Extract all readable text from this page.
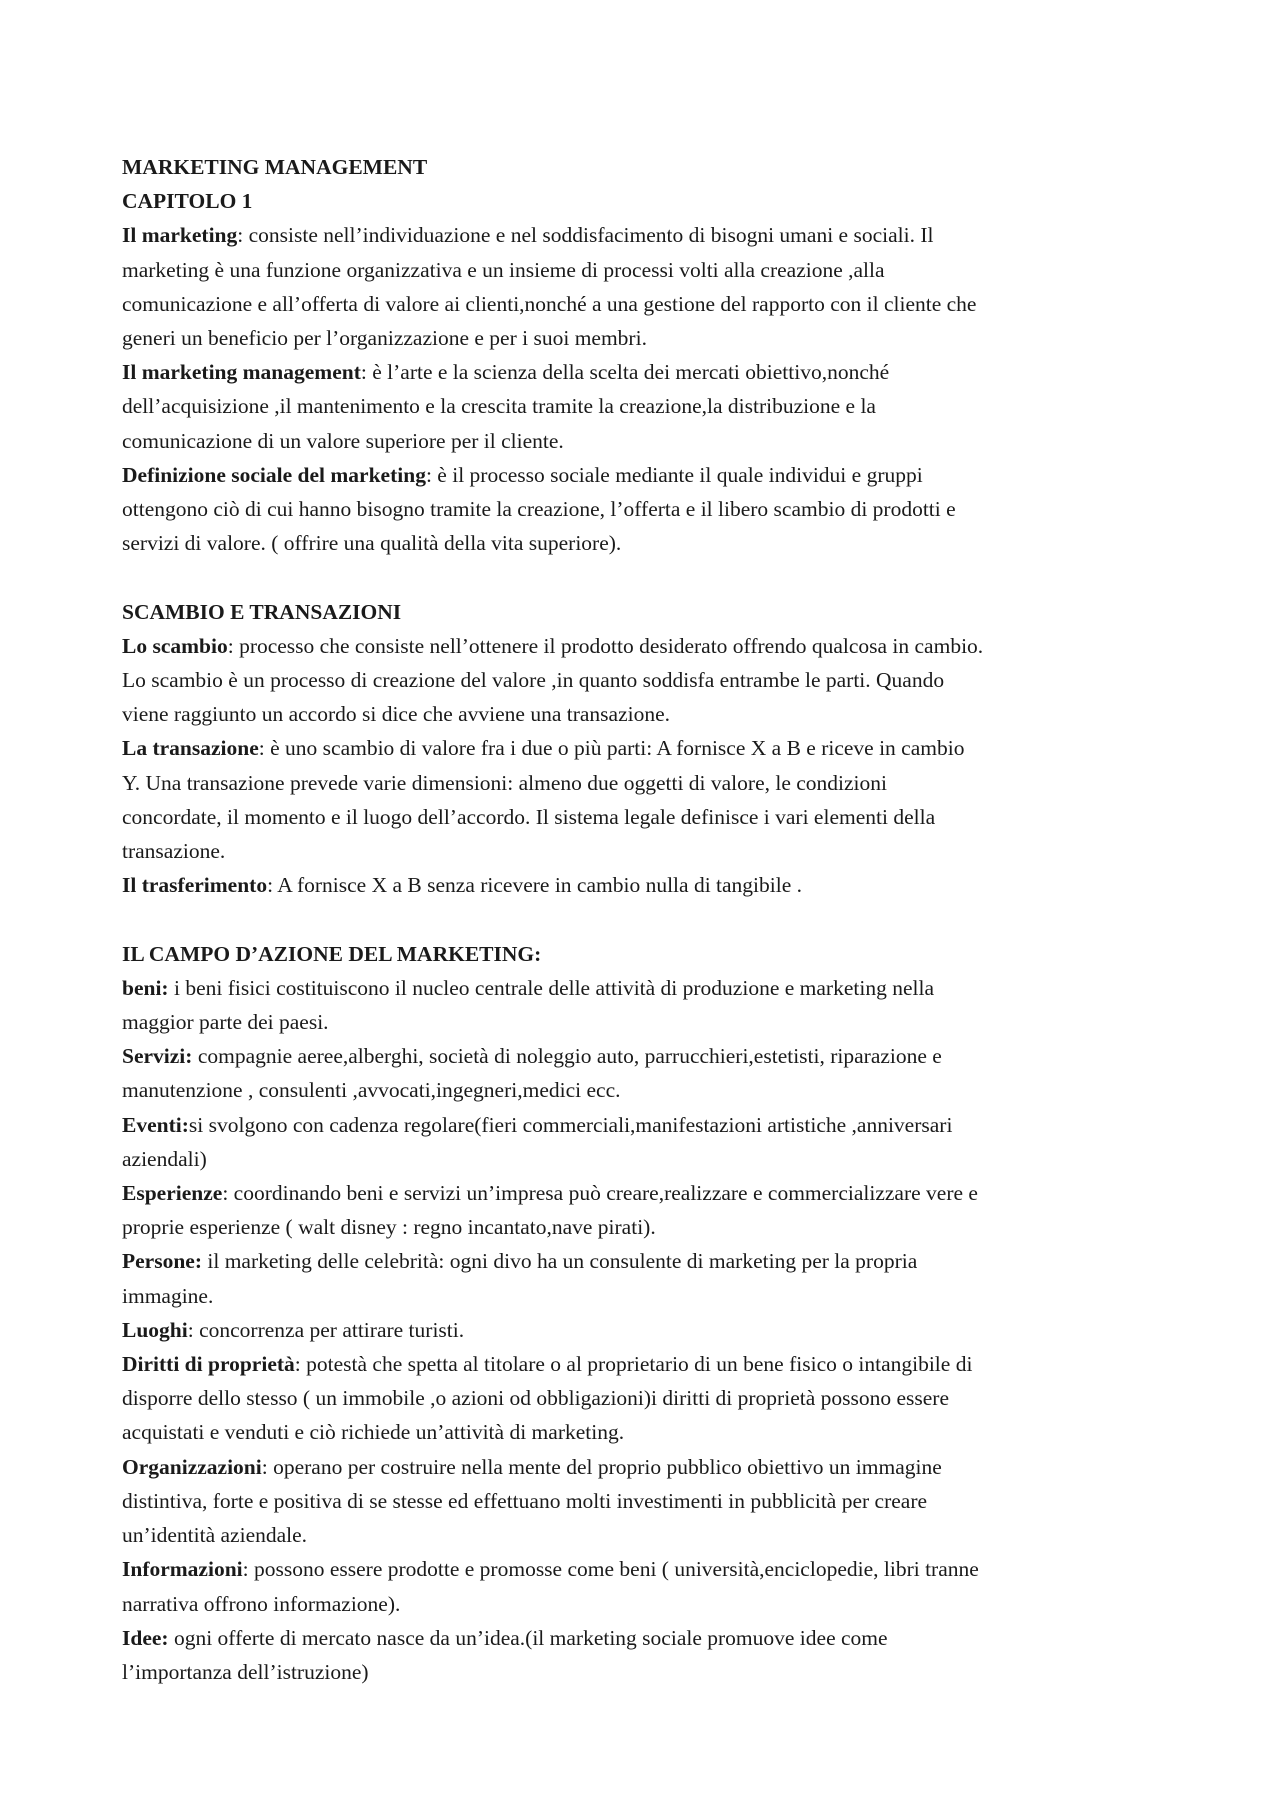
MARKETING MANAGEMENT
CAPITOLO 1
Il marketing: consiste nell’individuazione e nel soddisfacimento di bisogni umani e sociali. Il
marketing è una funzione organizzativa e un insieme di processi volti alla creazione ,alla
comunicazione e all’offerta di valore ai clienti,nonché a una gestione del rapporto con il cliente che
generi un beneficio per l’organizzazione e per i suoi membri.
Il marketing management: è l’arte e la scienza della scelta dei mercati obiettivo,nonché
dell’acquisizione ,il mantenimento e la crescita tramite la creazione,la distribuzione e la
comunicazione di un valore superiore per il cliente.
Definizione sociale del marketing: è il processo sociale mediante il quale individui e gruppi
ottengono ciò di cui hanno bisogno tramite la creazione, l’offerta e il libero scambio di prodotti e
servizi di valore. ( offrire una qualità della vita superiore).
SCAMBIO E TRANSAZIONI
Lo scambio: processo che consiste nell’ottenere il prodotto desiderato offrendo qualcosa in cambio.
Lo scambio è un processo di creazione del valore ,in quanto soddisfa entrambe le parti. Quando
viene raggiunto un accordo si dice che avviene una transazione.
La transazione: è uno scambio di valore fra i due o più parti: A fornisce X a B e riceve in cambio
Y. Una transazione prevede varie dimensioni: almeno due oggetti di valore, le condizioni
concordate, il momento e il luogo dell’accordo. Il sistema legale definisce i vari elementi della
transazione.
Il trasferimento: A fornisce X a B senza ricevere in cambio nulla di tangibile .
IL CAMPO D’AZIONE DEL MARKETING:
beni: i beni fisici costituiscono il nucleo centrale delle attività di produzione e marketing nella
maggior parte dei paesi.
Servizi: compagnie aeree,alberghi, società di noleggio auto, parrucchieri,estetisti, riparazione e
manutenzione , consulenti ,avvocati,ingegneri,medici ecc.
Eventi:si svolgono con cadenza regolare(fieri commerciali,manifestazioni artistiche ,anniversari
aziendali)
Esperienze: coordinando beni e servizi un’impresa può creare,realizzare e commercializzare vere e
proprie esperienze ( walt disney : regno incantato,nave pirati).
Persone: il marketing delle celebrità: ogni divo ha un consulente di marketing per la propria
immagine.
Luoghi: concorrenza per attirare turisti.
Diritti di proprietà: potestà che spetta al titolare o al proprietario di un bene fisico o intangibile di
disporre dello stesso ( un immobile ,o azioni od obbligazioni)i diritti di proprietà possono essere
acquistati e venduti e ciò richiede un’attività di marketing.
Organizzazioni: operano per costruire nella mente del proprio pubblico obiettivo un immagine
distintiva, forte e positiva di se stesse ed effettuano molti investimenti in pubblicità per creare
un’identità aziendale.
Informazioni: possono essere prodotte e promosse come beni ( università,enciclopedie, libri tranne
narrativa offrono informazione).
Idee: ogni offerte di mercato nasce da un’idea.(il marketing sociale promuove idee come
l’importanza dell’istruzione)
